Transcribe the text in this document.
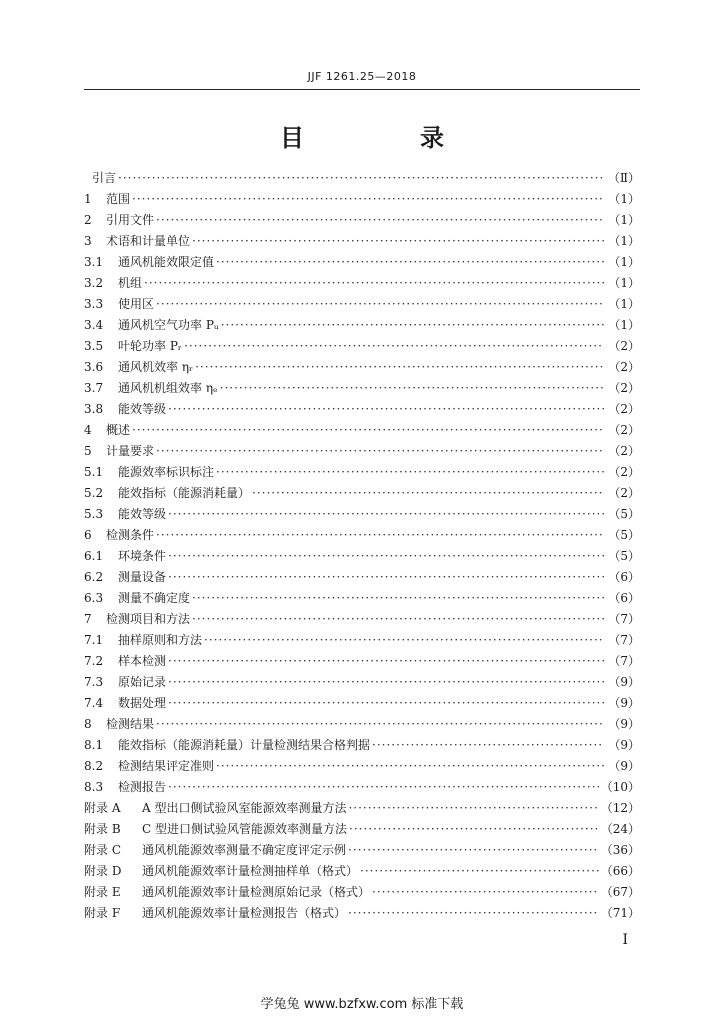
JJF 1261.25—2018
目　录
引言 ·····	（Ⅱ）
1	范围 ·····	（1）
2	引用文件 ·····	（1）
3	术语和计量单位 ·····	（1）
3.1	通风机能效限定值 ·····	（1）
3.2	机组 ·····	（1）
3.3	使用区 ·····	（1）
3.4	通风机空气功率 Pᵤ ·····	（1）
3.5	叶轮功率 Pᵣ ·····	（2）
3.6	通风机效率 ηᵣ ·····	（2）
3.7	通风机机组效率 ηₑ ·····	（2）
3.8	能效等级 ·····	（2）
4	概述 ·····	（2）
5	计量要求 ·····	（2）
5.1	能源效率标识标注 ·····	（2）
5.2	能效指标（能源消耗量） ·····	（2）
5.3	能效等级 ·····	（5）
6	检测条件 ·····	（5）
6.1	环境条件 ·····	（5）
6.2	测量设备 ·····	（6）
6.3	测量不确定度 ·····	（6）
7	检测项目和方法 ·····	（7）
7.1	抽样原则和方法 ·····	（7）
7.2	样本检测 ·····	（7）
7.3	原始记录 ·····	（9）
7.4	数据处理 ·····	（9）
8	检测结果 ·····	（9）
8.1	能效指标（能源消耗量）计量检测结果合格判据 ·····	（9）
8.2	检测结果评定准则 ·····	（9）
8.3	检测报告 ·····	（10）
附录 A	A 型出口侧试验风室能源效率测量方法 ·····	（12）
附录 B	C 型进口侧试验风管能源效率测量方法 ·····	（24）
附录 C	通风机能源效率测量不确定度评定示例 ·····	（36）
附录 D	通风机能源效率计量检测抽样单（格式） ·····	（66）
附录 E	通风机能源效率计量检测原始记录（格式） ·····	（67）
附录 F	通风机能源效率计量检测报告（格式） ·····	（71）
I
学兔兔 www.bzfxw.com 标准下载
